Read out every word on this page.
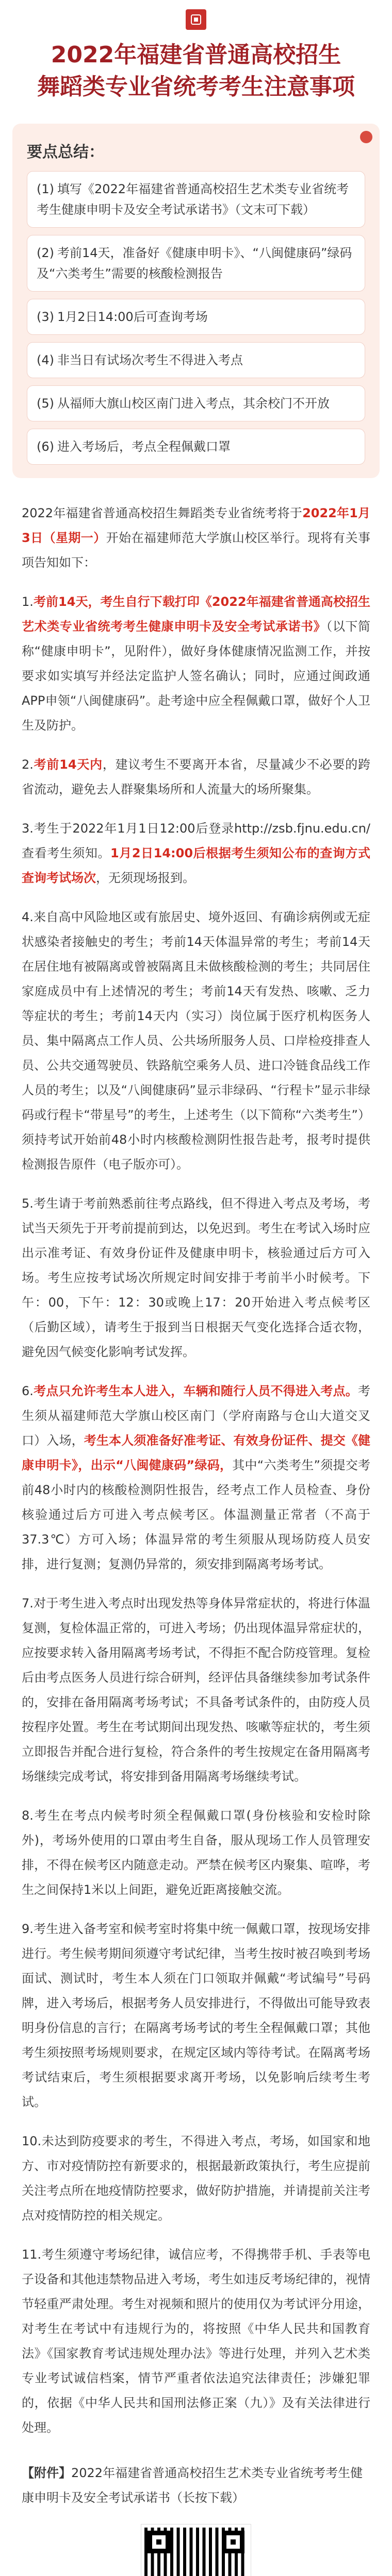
2022年福建省普通高校招生
舞蹈类专业省统考考生注意事项
要点总结：
(1) 填写《2022年福建省普通高校招生艺术类专业省统考考生健康申明卡及安全考试承诺书》（文末可下载）
(2) 考前14天，准备好《健康申明卡》、“八闽健康码”绿码及“六类考生”需要的核酸检测报告
(3) 1月2日14:00后可查询考场
(4) 非当日有试场次考生不得进入考点
(5) 从福师大旗山校区南门进入考点，其余校门不开放
(6) 进入考场后，考点全程佩戴口罩

2022年福建省普通高校招生舞蹈类专业省统考将于2022年1月3日（星期一）开始在福建师范大学旗山校区举行。现将有关事项告知如下：

1.考前14天，考生自行下载打印《2022年福建省普通高校招生艺术类专业省统考考生健康申明卡及安全考试承诺书》（以下简称“健康申明卡”，见附件），做好身体健康情况监测工作，并按要求如实填写并经法定监护人签名确认；同时，应通过闽政通APP申领“八闽健康码”。赴考途中应全程佩戴口罩，做好个人卫生及防护。

2.考前14天内，建议考生不要离开本省，尽量减少不必要的跨省流动，避免去人群聚集场所和人流量大的场所聚集。

3.考生于2022年1月1日12:00后登录http://zsb.fjnu.edu.cn/查看考生须知。1月2日14:00后根据考生须知公布的查询方式查询考试场次，无须现场报到。

4.来自高中风险地区或有旅居史、境外返回、有确诊病例或无症状感染者接触史的考生；考前14天体温异常的考生；考前14天在居住地有被隔离或曾被隔离且未做核酸检测的考生；共同居住家庭成员中有上述情况的考生；考前14天有发热、咳嗽、乏力等症状的考生；考前14天内（实习）岗位属于医疗机构医务人员、集中隔离点工作人员、公共场所服务人员、口岸检疫排查人员、公共交通驾驶员、铁路航空乘务人员、进口冷链食品线工作人员的考生；以及“八闽健康码”显示非绿码、“行程卡”显示非绿码或行程卡“带星号”的考生，上述考生（以下简称“六类考生”）须持考试开始前48小时内核酸检测阴性报告赴考，报考时提供检测报告原件（电子版亦可）。

5.考生请于考前熟悉前往考点路线，但不得进入考点及考场，考试当天须先于开考前提前到达，以免迟到。考生在考试入场时应出示准考证、有效身份证件及健康申明卡，核验通过后方可入场。考生应按考试场次所规定时间安排于考前半小时候考。下午：00，下午：12：30或晚上17：20开始进入考点候考区（后勤区域），请考生于报到当日根据天气变化选择合适衣物，避免因气候变化影响考试发挥。

6.考点只允许考生本人进入，车辆和随行人员不得进入考点。考生须从福建师范大学旗山校区南门（学府南路与仓山大道交叉口）入场，考生本人须准备好准考证、有效身份证件、提交《健康申明卡》，出示“八闽健康码”绿码，其中“六类考生”须提交考前48小时内的核酸检测阴性报告，经考点工作人员检查、身份核验通过后方可进入考点候考区。体温测量正常者（不高于37.3℃）方可入场；体温异常的考生须服从现场防疫人员安排，进行复测；复测仍异常的，须安排到隔离考场考试。

7.对于考生进入考点时出现发热等身体异常症状的，将进行体温复测，复检体温正常的，可进入考场；仍出现体温异常症状的，应按要求转入备用隔离考场考试，不得拒不配合防疫管理。复检后由考点医务人员进行综合研判，经评估具备继续参加考试条件的，安排在备用隔离考场考试；不具备考试条件的，由防疫人员按程序处置。考生在考试期间出现发热、咳嗽等症状的，考生须立即报告并配合进行复检，符合条件的考生按规定在备用隔离考场继续完成考试，将安排到备用隔离考场继续考试。

8.考生在考点内候考时须全程佩戴口罩(身份核验和安检时除外)，考场外使用的口罩由考生自备，服从现场工作人员管理安排，不得在候考区内随意走动。严禁在候考区内聚集、喧哗，考生之间保持1米以上间距，避免近距离接触交流。

9.考生进入备考室和候考室时将集中统一佩戴口罩，按现场安排进行。考生候考期间须遵守考试纪律，当考生按时被召唤到考场面试、测试时，考生本人须在门口领取并佩戴“考试编号”号码牌，进入考场后，根据考务人员安排进行，不得做出可能导致表明身份信息的言行；在隔离考场考试的考生全程佩戴口罩；其他考生须按照考场规则要求，在规定区域内等待考试。在隔离考场考试结束后，考生须根据要求离开考场，以免影响后续考生考试。

10.未达到防疫要求的考生，不得进入考点，考场，如国家和地方、市对疫情防控有新要求的，根据最新政策执行，考生应提前关注考点所在地疫情防控要求，做好防护措施，并请提前关注考点对疫情防控的相关规定。

11.考生须遵守考场纪律，诚信应考，不得携带手机、手表等电子设备和其他违禁物品进入考场，考生如违反考场纪律的，视情节轻重严肃处理。考生对视频和照片的使用仅为考试评分用途，对考生在考试中有违规行为的，将按照《中华人民共和国教育法》《国家教育考试违规处理办法》等进行处理，并列入艺术类专业考试诚信档案，情节严重者依法追究法律责任；涉嫌犯罪的，依据《中华人民共和国刑法修正案（九）》及有关法律进行处理。

【附件】2022年福建省普通高校招生艺术类专业省统考考生健康申明卡及安全考试承诺书（长按下载）
